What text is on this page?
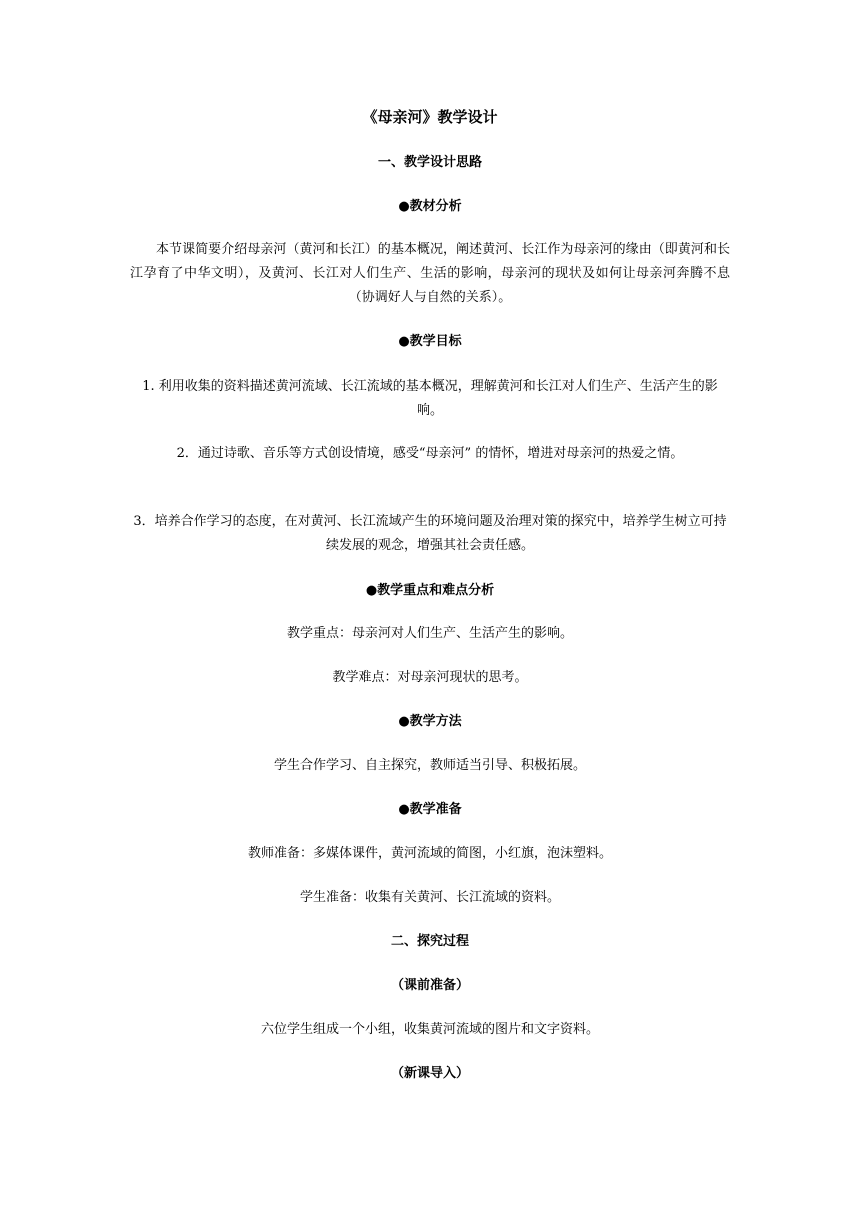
《母亲河》教学设计
一、教学设计思路
●教材分析
本节课简要介绍母亲河（黄河和长江）的基本概况，阐述黄河、长江作为母亲河的缘由（即黄河和长江孕育了中华文明），及黄河、长江对人们生产、生活的影响，母亲河的现状及如何让母亲河奔腾不息（协调好人与自然的关系）。
●教学目标
1. 利用收集的资料描述黄河流域、长江流域的基本概况，理解黄河和长江对人们生产、生活产生的影响。
2．通过诗歌、音乐等方式创设情境，感受“母亲河” 的情怀，增进对母亲河的热爱之情。
3．培养合作学习的态度，在对黄河、长江流域产生的环境问题及治理对策的探究中，培养学生树立可持续发展的观念，增强其社会责任感。
●教学重点和难点分析
教学重点：母亲河对人们生产、生活产生的影响。
教学难点：对母亲河现状的思考。
●教学方法
学生合作学习、自主探究，教师适当引导、积极拓展。
●教学准备
教师准备：多媒体课件，黄河流域的简图，小红旗，泡沫塑料。
学生准备：收集有关黄河、长江流域的资料。
二、探究过程
（课前准备）
六位学生组成一个小组，收集黄河流域的图片和文字资料。
（新课导入）
